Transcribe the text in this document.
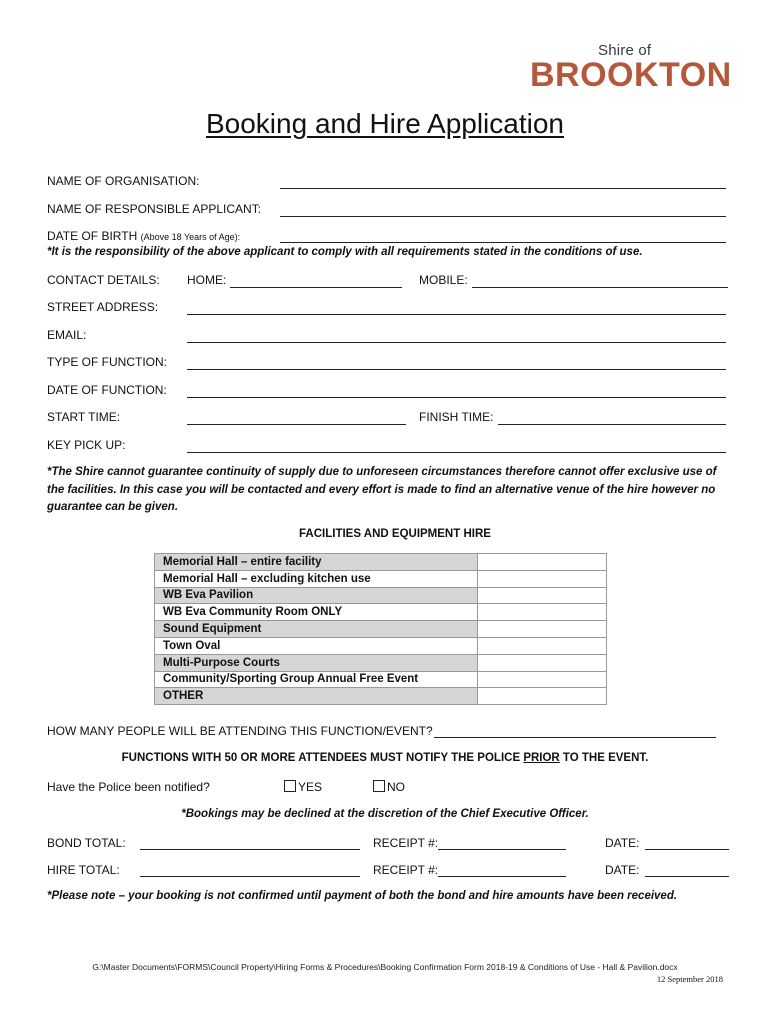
Shire of
BROOKTON
Booking and Hire Application
NAME OF ORGANISATION:
NAME OF RESPONSIBLE APPLICANT:
DATE OF BIRTH (Above 18 Years of Age):
*It is the responsibility of the above applicant to comply with all requirements stated in the conditions of use.
CONTACT DETAILS: HOME:	MOBILE:
STREET ADDRESS:
EMAIL:
TYPE OF FUNCTION:
DATE OF FUNCTION:
START TIME:	FINISH TIME:
KEY PICK UP:
*The Shire cannot guarantee continuity of supply due to unforeseen circumstances therefore cannot offer exclusive use of the facilities. In this case you will be contacted and every effort is made to find an alternative venue of the hire however no guarantee can be given.
FACILITIES AND EQUIPMENT HIRE
Memorial Hall – entire facility	
Memorial Hall – excluding kitchen use	
WB Eva Pavilion	
WB Eva Community Room ONLY	
Sound Equipment	
Town Oval	
Multi-Purpose Courts	
Community/Sporting Group Annual Free Event	
OTHER	
HOW MANY PEOPLE WILL BE ATTENDING THIS FUNCTION/EVENT?
FUNCTIONS WITH 50 OR MORE ATTENDEES MUST NOTIFY THE POLICE PRIOR TO THE EVENT.
Have the Police been notified?	YES	NO
*Bookings may be declined at the discretion of the Chief Executive Officer.
BOND TOTAL:	RECEIPT #:	DATE:
HIRE TOTAL:	RECEIPT #:	DATE:
*Please note – your booking is not confirmed until payment of both the bond and hire amounts have been received.
G:\Master Documents\FORMS\Council Property\Hiring Forms & Procedures\Booking Confirmation Form 2018-19 & Conditions of Use - Hall & Pavilion.docx
12 September 2018
